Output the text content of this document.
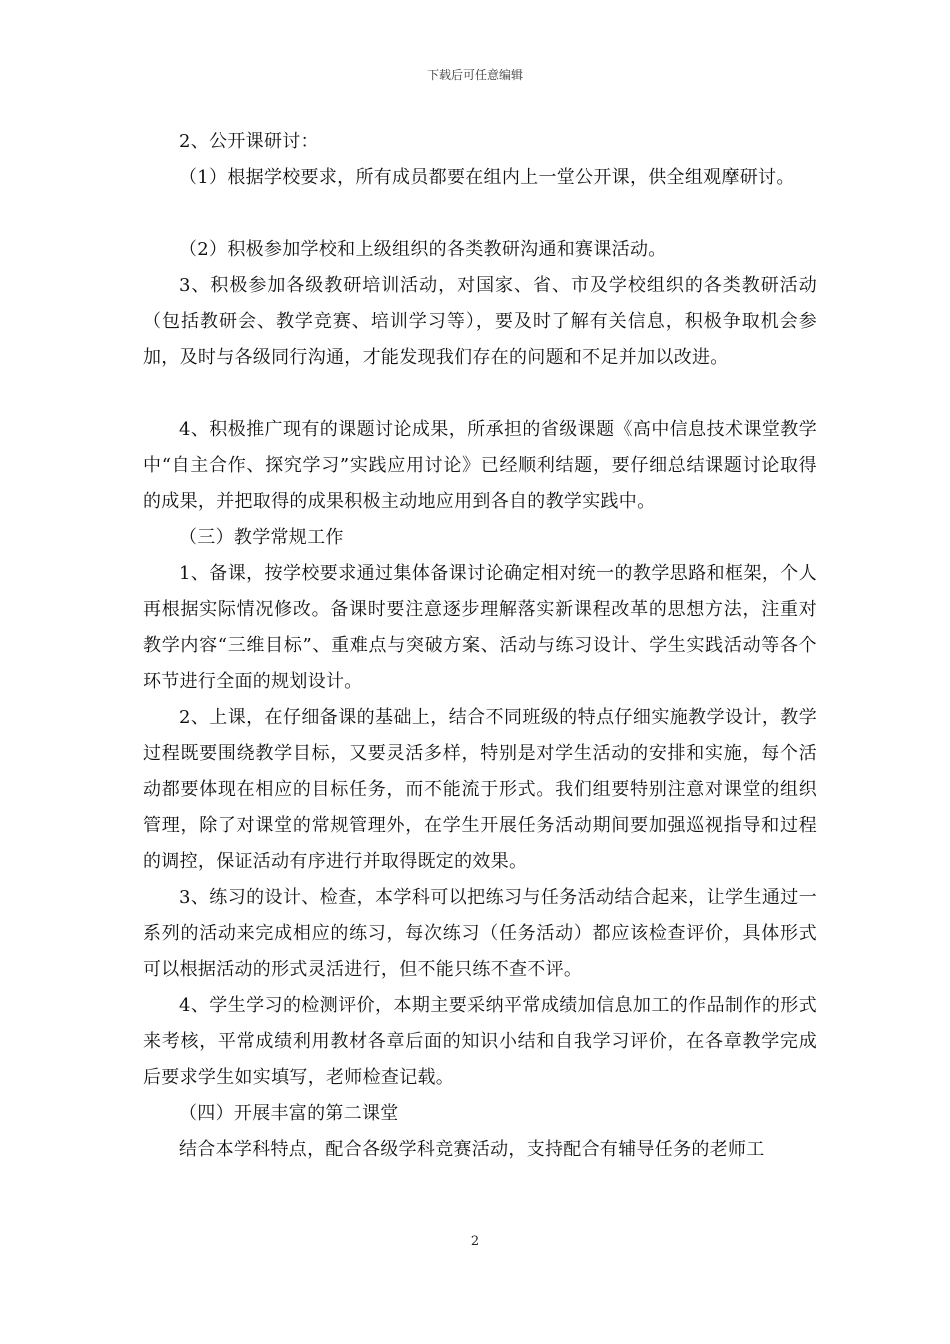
下载后可任意编辑

2、公开课研讨：

（1）根据学校要求，所有成员都要在组内上一堂公开课，供全组观摩研讨。

（2）积极参加学校和上级组织的各类教研沟通和赛课活动。

3、积极参加各级教研培训活动，对国家、省、市及学校组织的各类教研活动（包括教研会、教学竞赛、培训学习等），要及时了解有关信息，积极争取机会参加，及时与各级同行沟通，才能发现我们存在的问题和不足并加以改进。

4、积极推广现有的课题讨论成果，所承担的省级课题《高中信息技术课堂教学中“自主合作、探究学习”实践应用讨论》已经顺利结题，要仔细总结课题讨论取得的成果，并把取得的成果积极主动地应用到各自的教学实践中。

（三）教学常规工作

1、备课，按学校要求通过集体备课讨论确定相对统一的教学思路和框架，个人再根据实际情况修改。备课时要注意逐步理解落实新课程改革的思想方法，注重对教学内容“三维目标”、重难点与突破方案、活动与练习设计、学生实践活动等各个环节进行全面的规划设计。

2、上课，在仔细备课的基础上，结合不同班级的特点仔细实施教学设计，教学过程既要围绕教学目标，又要灵活多样，特别是对学生活动的安排和实施，每个活动都要体现在相应的目标任务，而不能流于形式。我们组要特别注意对课堂的组织管理，除了对课堂的常规管理外，在学生开展任务活动期间要加强巡视指导和过程的调控，保证活动有序进行并取得既定的效果。

3、练习的设计、检查，本学科可以把练习与任务活动结合起来，让学生通过一系列的活动来完成相应的练习，每次练习（任务活动）都应该检查评价，具体形式可以根据活动的形式灵活进行，但不能只练不查不评。

4、学生学习的检测评价，本期主要采纳平常成绩加信息加工的作品制作的形式来考核，平常成绩利用教材各章后面的知识小结和自我学习评价，在各章教学完成后要求学生如实填写，老师检查记载。

（四）开展丰富的第二课堂

结合本学科特点，配合各级学科竞赛活动，支持配合有辅导任务的老师工

2
